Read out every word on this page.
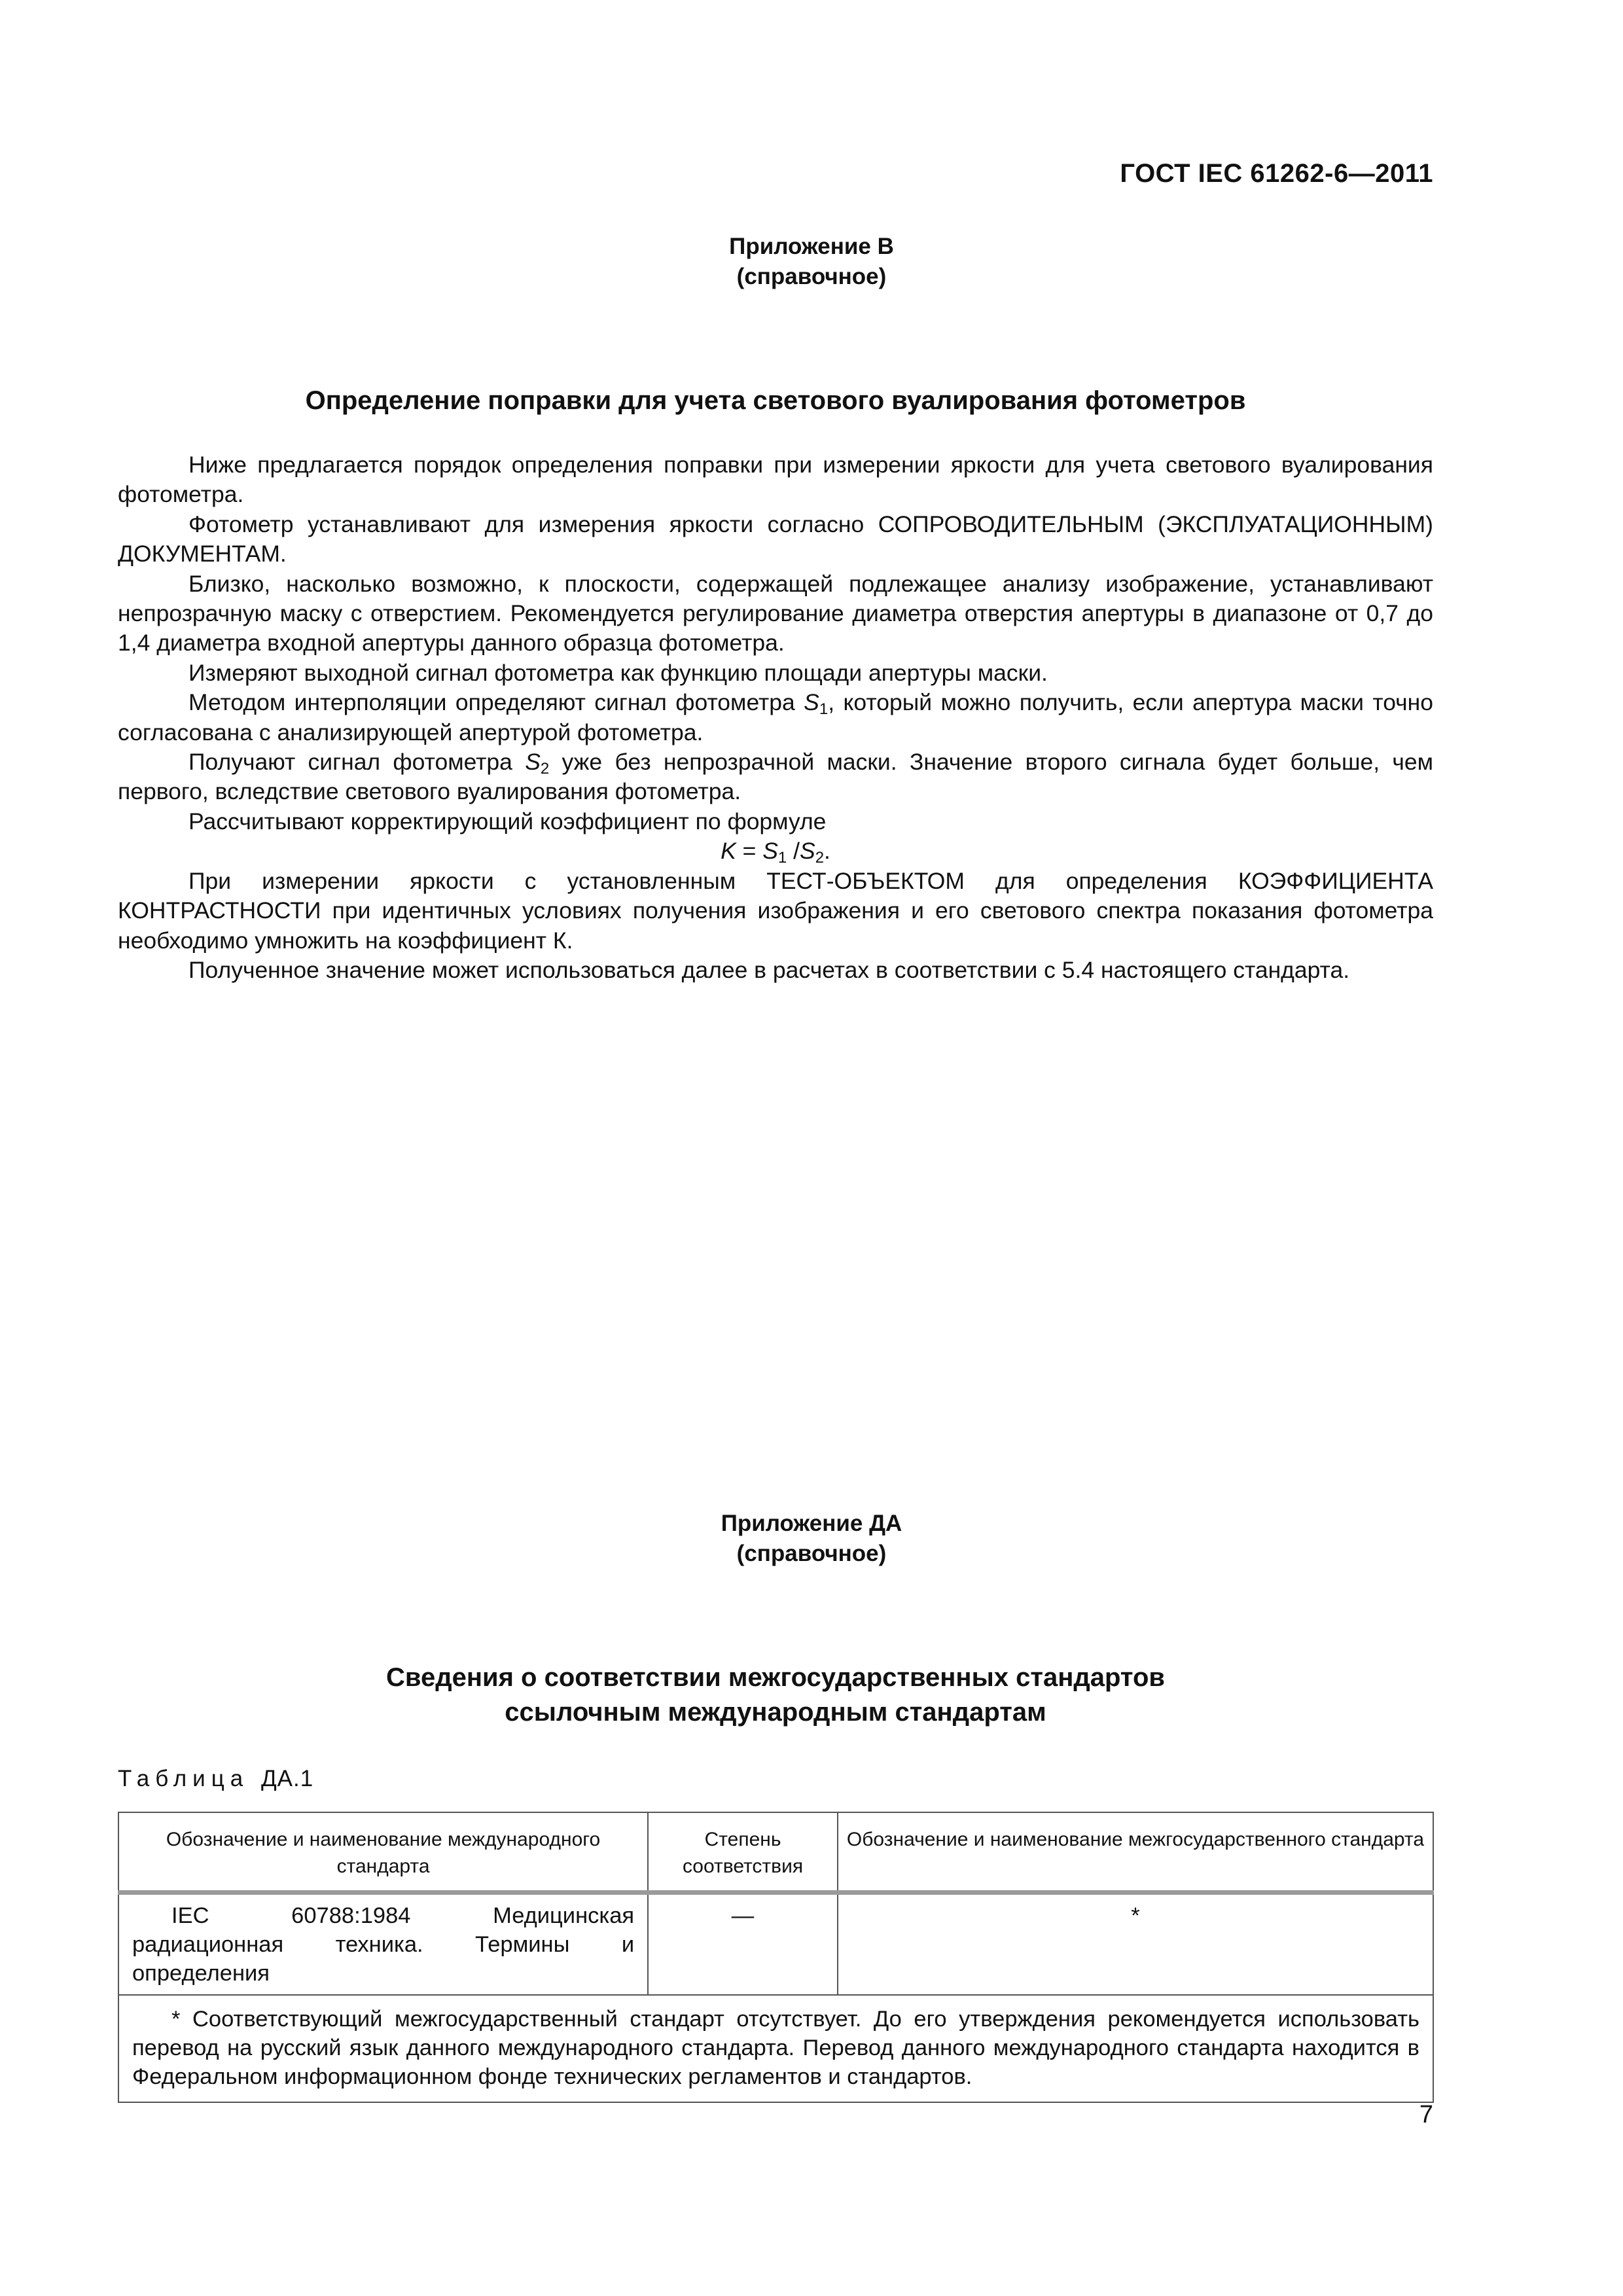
ГОСТ IEC 61262-6—2011
Приложение В
(справочное)
Определение поправки для учета светового вуалирования фотометров

Ниже предлагается порядок определения поправки при измерении яркости для учета светового вуалирования фотометра.

Фотометр устанавливают для измерения яркости согласно СОПРОВОДИТЕЛЬНЫМ (ЭКСПЛУАТАЦИОННЫМ) ДОКУМЕНТАМ.

Близко, насколько возможно, к плоскости, содержащей подлежащее анализу изображение, устанавливают непрозрачную маску с отверстием. Рекомендуется регулирование диаметра отверстия апертуры в диапазоне от 0,7 до 1,4 диаметра входной апертуры данного образца фотометра.

Измеряют выходной сигнал фотометра как функцию площади апертуры маски.

Методом интерполяции определяют сигнал фотометра $S_1$, который можно получить, если апертура маски точно согласована с анализирующей апертурой фотометра.

Получают сигнал фотометра $S_2$ уже без непрозрачной маски. Значение второго сигнала будет больше, чем первого, вследствие светового вуалирования фотометра.

Рассчитывают корректирующий коэффициент по формуле

$K = S_1$ $/S_2$.

При измерении яркости с установленным ТЕСТ-ОБЪЕКТОМ для определения КОЭФФИЦИЕНТА КОНТРАСТНОСТИ при идентичных условиях получения изображения и его светового спектра показания фотометра необходимо умножить на коэффициент К.

Полученное значение может использоваться далее в расчетах в соответствии с 5.4 настоящего стандарта.

Приложение ДА
(справочное)
Сведения о соответствии межгосударственных стандартов
ссылочным международным стандартам
Таблица ДА.1
Обозначение и наименование международного стандарта	Степень соответствия	Обозначение и наименование межгосударственного стандарта
IEC 60788:1984 Медицинская радиационная техника. Термины и определения	—	*
* Соответствующий межгосударственный стандарт отсутствует. До его утверждения рекомендуется использовать перевод на русский язык данного международного стандарта. Перевод данного международного стандарта находится в Федеральном информационном фонде технических регламентов и стандартов.		
7
